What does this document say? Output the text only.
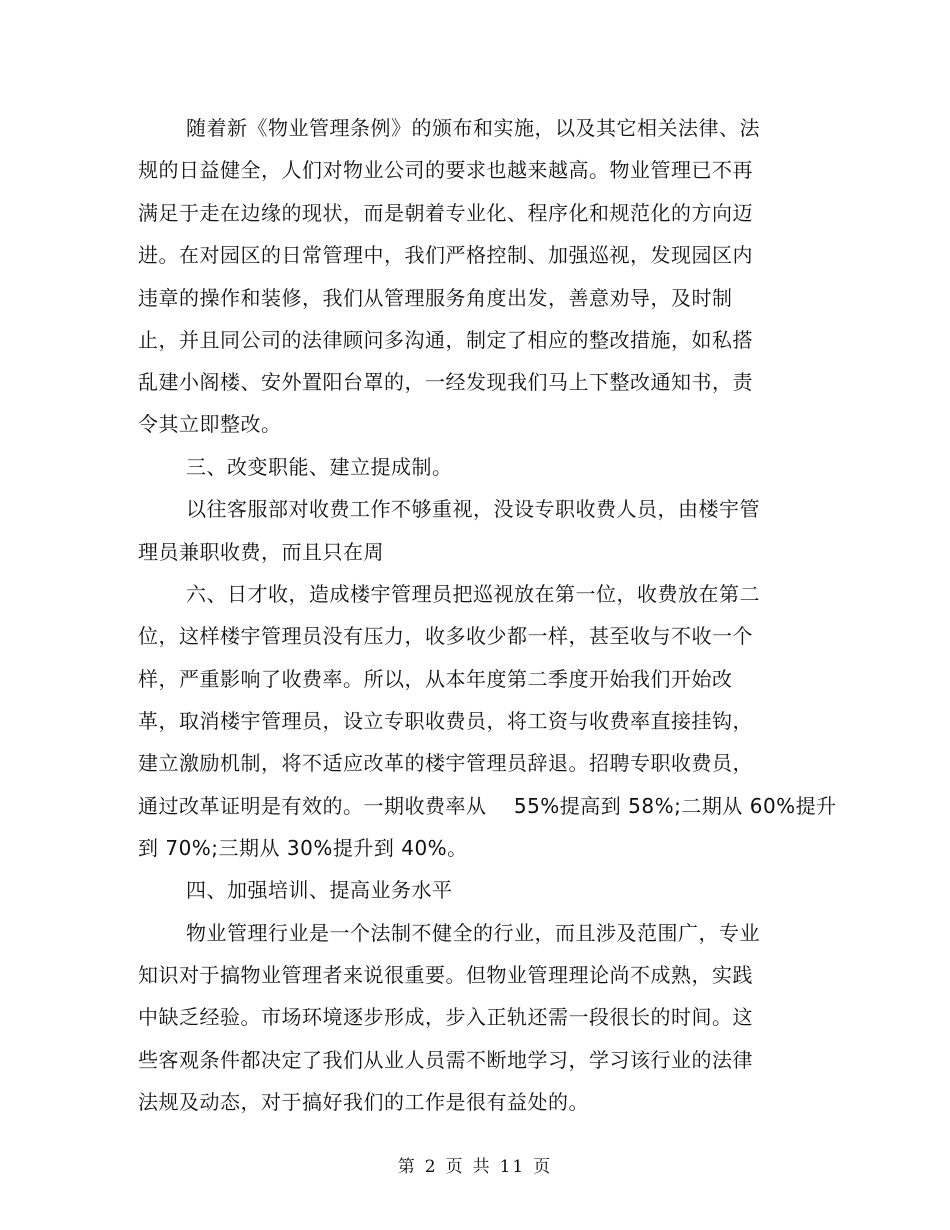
随着新《物业管理条例》的颁布和实施，以及其它相关法律、法
规的日益健全，人们对物业公司的要求也越来越高。物业管理已不再
满足于走在边缘的现状，而是朝着专业化、程序化和规范化的方向迈
进。在对园区的日常管理中，我们严格控制、加强巡视，发现园区内
违章的操作和装修，我们从管理服务角度出发，善意劝导，及时制
止，并且同公司的法律顾问多沟通，制定了相应的整改措施，如私搭
乱建小阁楼、安外置阳台罩的，一经发现我们马上下整改通知书，责
令其立即整改。
三、改变职能、建立提成制。
以往客服部对收费工作不够重视，没设专职收费人员，由楼宇管
理员兼职收费，而且只在周
六、日才收，造成楼宇管理员把巡视放在第一位，收费放在第二
位，这样楼宇管理员没有压力，收多收少都一样，甚至收与不收一个
样，严重影响了收费率。所以，从本年度第二季度开始我们开始改
革，取消楼宇管理员，设立专职收费员，将工资与收费率直接挂钩，
建立激励机制，将不适应改革的楼宇管理员辞退。招聘专职收费员，
通过改革证明是有效的。一期收费率从　 55%提高到 58%;二期从 60%提升
到 70%;三期从 30%提升到 40%。
四、加强培训、提高业务水平
物业管理行业是一个法制不健全的行业，而且涉及范围广，专业
知识对于搞物业管理者来说很重要。但物业管理理论尚不成熟，实践
中缺乏经验。市场环境逐步形成，步入正轨还需一段很长的时间。这
些客观条件都决定了我们从业人员需不断地学习，学习该行业的法律
法规及动态，对于搞好我们的工作是很有益处的。
第 2 页 共 11 页
